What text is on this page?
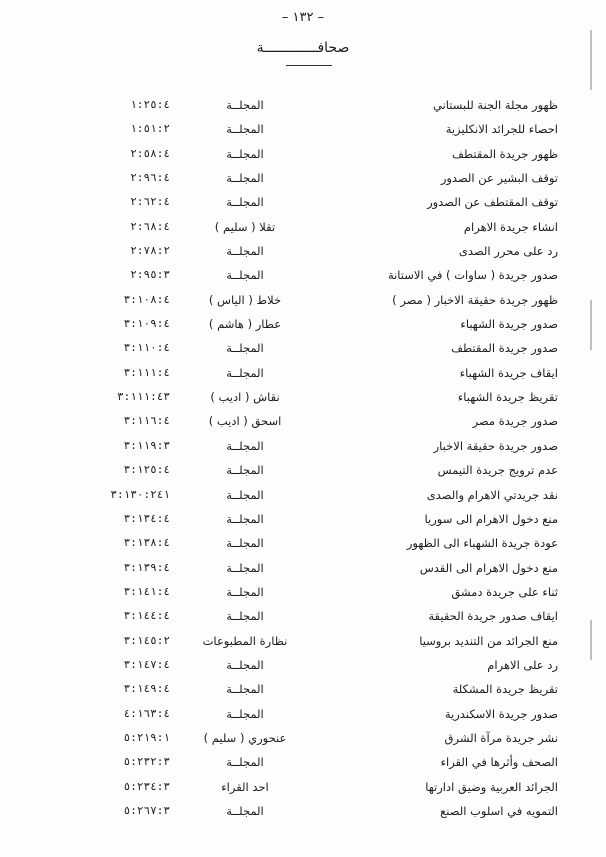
– ١٣٢ –
صحافـــــــــــــة
ظهور مجلة الجنة للبستاني
المجلــة
١:٢٥:٤
احصاء للجرائد الانكليزية
المجلــة
١:٥١:٢
ظهور جريدة المقتطف
المجلــة
٢:٥٨:٤
توقف البشير عن الصدور
المجلــة
٢:٩٦:٤
توقف المقتطف عن الصدور
المجلــة
٢:٦٢:٤
انشاء جريدة الاهرام
تقلا ( سليم )
٢:٦٨:٤
رد على محرر الصدى
المجلــة
٢:٧٨:٢
صدور جريدة ( ساوات ) في الاستانة
المجلــة
٢:٩٥:٣
ظهور جريدة حقيقة الاخبار ( مصر )
خلاط ( الياس )
٣:١٠٨:٤
صدور جريدة الشهباء
عطار ( هاشم )
٣:١٠٩:٤
صدور جريدة المقتطف
المجلــة
٣:١١٠:٤
ايقاف جريدة الشهباء
المجلــة
٣:١١١:٤
تقريظ جريدة الشهباء
نقاش ( اديب )
٣:١١١:٤٣
صدور جريدة مصر
اسحق ( اديب )
٣:١١٦:٤
صدور جريدة حقيقة الاخبار
المجلــة
٣:١١٩:٣
عدم ترويج جريدة التيمس
المجلــة
٣:١٢٥:٤
نقد جريدتي الاهرام والصدى
المجلــة
٣:١٣٠:٢٤١
منع دخول الاهرام الى سوريا
المجلــة
٣:١٣٤:٤
عودة جريدة الشهباء الى الظهور
المجلــة
٣:١٣٨:٤
منع دخول الاهرام الى القدس
المجلــة
٣:١٣٩:٤
ثناء على جريدة دمشق
المجلــة
٣:١٤١:٤
ايقاف صدور جريدة الحقيقة
المجلــة
٣:١٤٤:٤
منع الجرائد من التنديد بروسيا
نظارة المطبوعات
٣:١٤٥:٢
رد على الاهرام
المجلــة
٣:١٤٧:٤
تقريظ جريدة المشكلة
المجلــة
٣:١٤٩:٤
صدور جريدة الاسكندرية
المجلــة
٤:١٦٣:٤
نشر جريدة مرآة الشرق
عنحوري ( سليم )
٥:٢١٩:١
الصحف وأثرها في القراء
المجلــة
٥:٢٣٢:٣
الجرائد العربية وضيق ادارتها
احد القراء
٥:٢٣٤:٣
التمويه في اسلوب الصنع
المجلــة
٥:٢٦٧:٣
